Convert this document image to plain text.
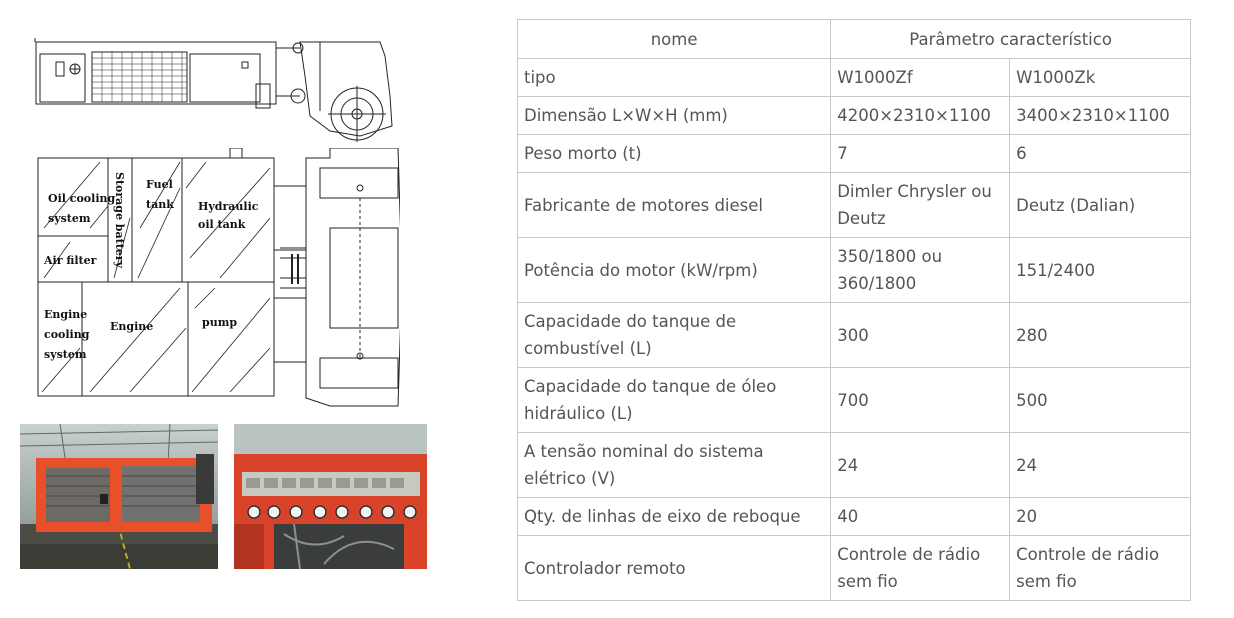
Oil cooling system	Storage battery Fuel tank Hydraulic oil tank
Air filter
Engine cooling system
Engine	pump
nome	Parâmetro característico	
tipo	W1000Zf	W1000Zk
Dimensão L×W×H (mm)	4200×2310×1100	3400×2310×1100
Peso morto (t)	7	6
Fabricante de motores diesel	Dimler Chrysler ou Deutz	Deutz (Dalian)
Potência do motor (kW/rpm)	350/1800 ou 360/1800	151/2400
Capacidade do tanque de combustível (L)	300	280
Capacidade do tanque de óleo hidráulico (L)	700	500
A tensão nominal do sistema elétrico (V)	24	24
Qty. de linhas de eixo de reboque	40	20
Controlador remoto	Controle de rádio sem fio	Controle de rádio sem fio
